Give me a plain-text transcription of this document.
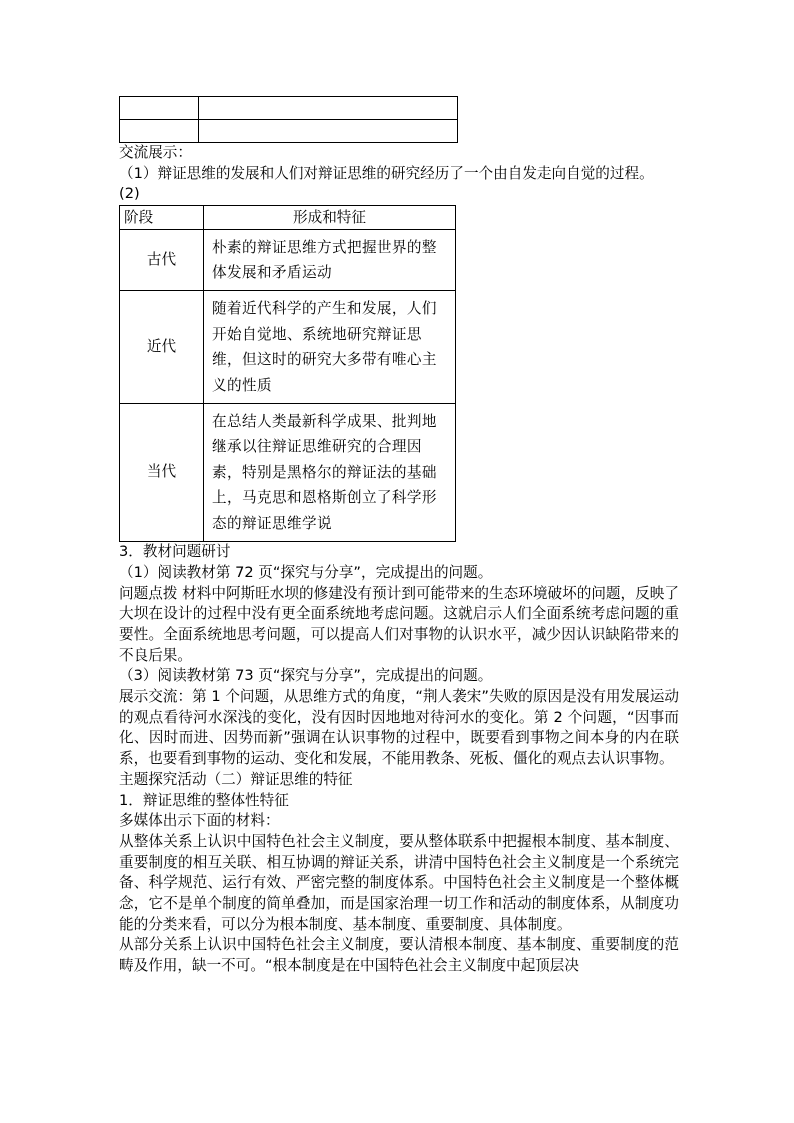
交流展示：

（1）辩证思维的发展和人们对辩证思维的研究经历了一个由自发走向自觉的过程。

(2)

阶段	形成和特征
古代	朴素的辩证思维方式把握世界的整体发展和矛盾运动
近代	随着近代科学的产生和发展，人们开始自觉地、系统地研究辩证思维，但这时的研究大多带有唯心主义的性质
当代	在总结人类最新科学成果、批判地继承以往辩证思维研究的合理因素，特别是黑格尔的辩证法的基础上，马克思和恩格斯创立了科学形态的辩证思维学说

3．教材问题研讨

（1）阅读教材第 72 页“探究与分享”，完成提出的问题。

问题点拨 材料中阿斯旺水坝的修建没有预计到可能带来的生态环境破坏的问题，反映了大坝在设计的过程中没有更全面系统地考虑问题。这就启示人们全面系统考虑问题的重要性。全面系统地思考问题，可以提高人们对事物的认识水平，减少因认识缺陷带来的不良后果。

（3）阅读教材第 73 页“探究与分享”，完成提出的问题。

展示交流：第 1 个问题，从思维方式的角度，“荆人袭宋”失败的原因是没有用发展运动的观点看待河水深浅的变化，没有因时因地地对待河水的变化。第 2 个问题，“因事而化、因时而进、因势而新”强调在认识事物的过程中，既要看到事物之间本身的内在联系，也要看到事物的运动、变化和发展，不能用教条、死板、僵化的观点去认识事物。

主题探究活动（二）辩证思维的特征

1．辩证思维的整体性特征

多媒体出示下面的材料：

从整体关系上认识中国特色社会主义制度，要从整体联系中把握根本制度、基本制度、重要制度的相互关联、相互协调的辩证关系，讲清中国特色社会主义制度是一个系统完备、科学规范、运行有效、严密完整的制度体系。中国特色社会主义制度是一个整体概念，它不是单个制度的简单叠加，而是国家治理一切工作和活动的制度体系，从制度功能的分类来看，可以分为根本制度、基本制度、重要制度、具体制度。

从部分关系上认识中国特色社会主义制度，要认清根本制度、基本制度、重要制度的范畴及作用，缺一不可。“根本制度是在中国特色社会主义制度中起顶层决
